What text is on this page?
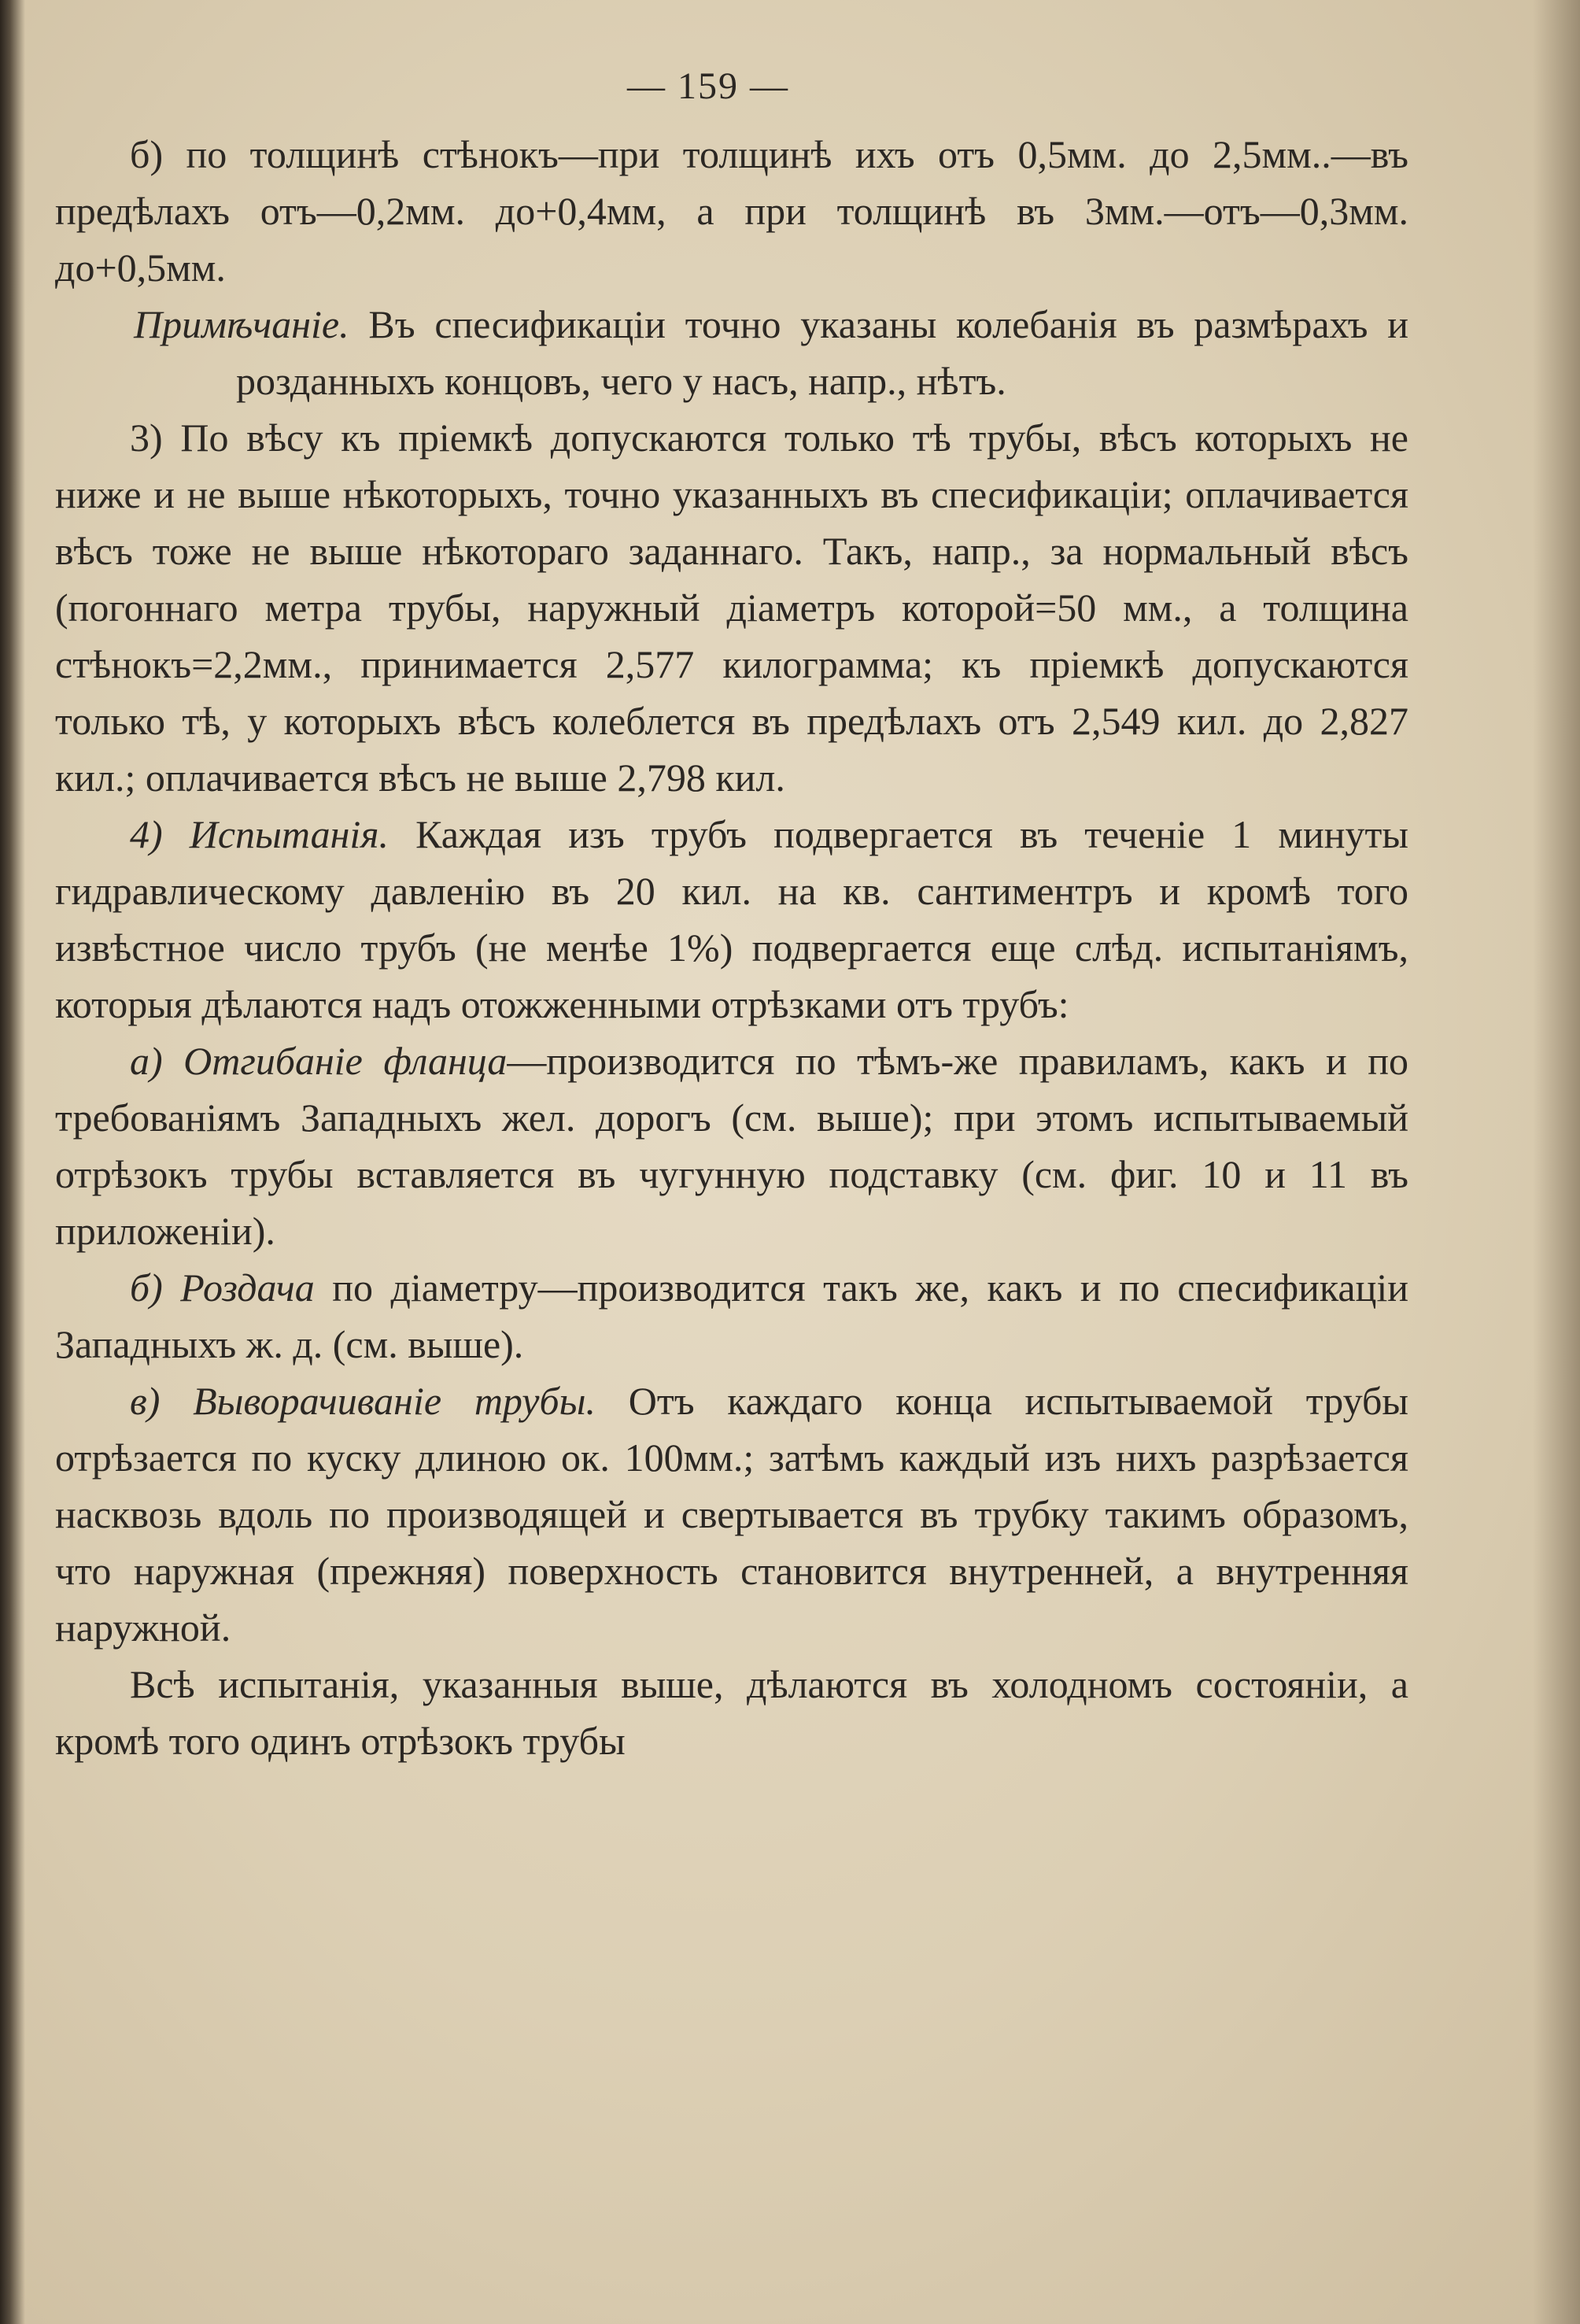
— 159 —

б) по толщинѣ стѣнокъ—при толщинѣ ихъ отъ 0,5мм. до 2,5мм..—въ предѣлахъ отъ—0,2мм. до+0,4мм, а при толщинѣ въ 3мм.—отъ—0,3мм. до+0,5мм.

Примѣчаніе. Въ спесификаціи точно указаны колебанія въ размѣрахъ и розданныхъ концовъ, чего у насъ, напр., нѣтъ.

3) По вѣсу къ пріемкѣ допускаются только тѣ трубы, вѣсъ которыхъ не ниже и не выше нѣкоторыхъ, точно указанныхъ въ спесификаціи; оплачивается вѣсъ тоже не выше нѣкотораго заданнаго. Такъ, напр., за нормальный вѣсъ (погоннаго метра трубы, наружный діаметръ которой=50 мм., а толщина стѣнокъ=2,2мм., принимается 2,577 килограмма; къ пріемкѣ допускаются только тѣ, у которыхъ вѣсъ колеблется въ предѣлахъ отъ 2,549 кил. до 2,827 кил.; оплачивается вѣсъ не выше 2,798 кил.

4) Испытанія. Каждая изъ трубъ подвергается въ теченіе 1 минуты гидравлическому давленію въ 20 кил. на кв. сантиментръ и кромѣ того извѣстное число трубъ (не менѣе 1%) подвергается еще слѣд. испытаніямъ, которыя дѣлаются надъ отожженными отрѣзками отъ трубъ:

а) Отгибаніе фланца—производится по тѣмъ-же правиламъ, какъ и по требованіямъ Западныхъ жел. дорогъ (см. выше); при этомъ испытываемый отрѣзокъ трубы вставляется въ чугунную подставку (см. фиг. 10 и 11 въ приложеніи).

б) Роздача по діаметру—производится такъ же, какъ и по спесификаціи Западныхъ ж. д. (см. выше).

в) Выворачиваніе трубы. Отъ каждаго конца испытываемой трубы отрѣзается по куску длиною ок. 100мм.; затѣмъ каждый изъ нихъ разрѣзается насквозь вдоль по производящей и свертывается въ трубку такимъ образомъ, что наружная (прежняя) поверхность становится внутренней, а внутренняя наружной.

Всѣ испытанія, указанныя выше, дѣлаются въ холодномъ состояніи, а кромѣ того одинъ отрѣзокъ трубы
